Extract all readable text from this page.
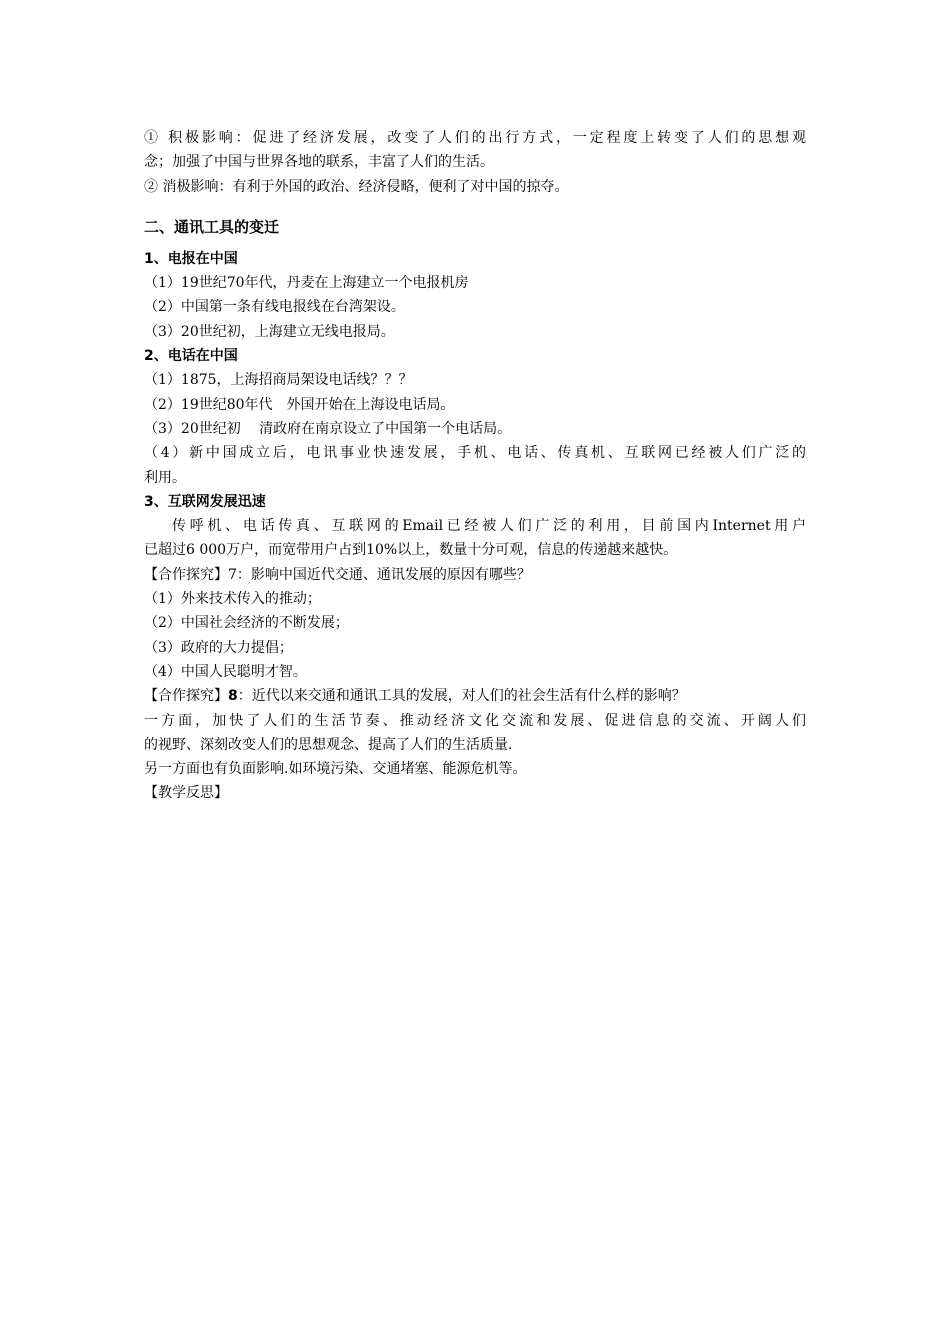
① 积极影响：促进了经济发展，改变了人们的出行方式，一定程度上转变了人们的思想观
念；加强了中国与世界各地的联系，丰富了人们的生活。
② 消极影响：有利于外国的政治、经济侵略，便利了对中国的掠夺。
二、通讯工具的变迁
1、电报在中国
（1）19世纪70年代，丹麦在上海建立一个电报机房
（2）中国第一条有线电报线在台湾架设。
（3）20世纪初，上海建立无线电报局。
2、电话在中国
（1）1875，上海招商局架设电话线？？？
（2）19世纪80年代　外国开始在上海设电话局。
（3）20世纪初　 清政府在南京设立了中国第一个电话局。
（4）新中国成立后，电讯事业快速发展，手机、电话、传真机、互联网已经被人们广泛的
利用。
3、互联网发展迅速
传呼机、电话传真、互联网的Email已经被人们广泛的利用，目前国内Internet用户
已超过6 000万户，而宽带用户占到10%以上，数量十分可观，信息的传递越来越快。
【合作探究】7：影响中国近代交通、通讯发展的原因有哪些？
（1）外来技术传入的推动；
（2）中国社会经济的不断发展；
（3）政府的大力提倡；
（4）中国人民聪明才智。
【合作探究】8：近代以来交通和通讯工具的发展，对人们的社会生活有什么样的影响？
一方面，加快了人们的生活节奏、推动经济文化交流和发展、促进信息的交流、开阔人们
的视野、深刻改变人们的思想观念、提高了人们的生活质量.
另一方面也有负面影响.如环境污染、交通堵塞、能源危机等。
【教学反思】
